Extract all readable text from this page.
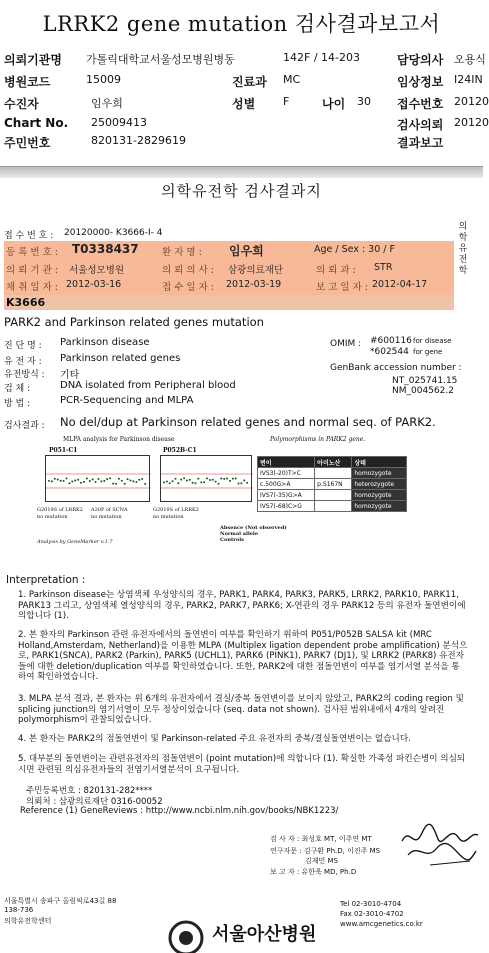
LRRK2 gene mutation 검사결과보고서
의뢰기관명 가톨릭대학교서울성모병원병동	142F / 14-203	담당의사 오용식
병원코드	15009	진료과 MC	임상정보 I24IN
수진자	임우희	성별	F	나이 30 접수번호 20120
Chart No. 25009413	검사의뢰 20120
주민번호	820131-2829619	결과보고
의학유전학 검사결과지
의
학
유
전
학
접 수 번 호 : 20120000- K3666-I- 4
등 록 번 호 : T0338437 환 자 명 : 임우희	Age / Sex : 30 / F
의 뢰 기 관 : 서울성모병원	의 뢰 의 사 : 삼광의료재단	의 뢰 과 : STR
채 취 일 자 : 2012-03-16	접 수 일 자 : 2012-03-19	보 고 일 자 : 2012-04-17
K3666
PARK2 and Parkinson related genes mutation
OMIM : #600116 for disease
*602544 for gene
GenBank accession number :
NT_025741.15
NM_004562.2
진 단 명 : Parkinson disease
유 전 자 : Parkinson related genes
유전방식 : 기타
검 체 :	DNA isolated from Peripheral blood
방 법 :	PCR-Sequencing and MLPA
검사결과 : No del/dup at Parkinson related genes and normal seq. of PARK2.
MLPA analysis for Parkinson disease	Polymorphisms in PARK2 gene.
P051-C1	P052B-C1
변이	아미노산	상태
IVS3(-20)T>C		homozygote
c.500G>A	p.S167N	heterozygote
IVS7(-35)G>A		homozygote
IVS7(-68)C>G		homozygote
G2019S of LRRK2
no mutation
A30P of SCNA
no mutation
G2019S of LRRK2
no mutation
Absence (Not observed)
Normal allele
Controls
Analysis by GeneMarker v.1.7
Interpretation :
1. Parkinson disease는 상염색체 우성양식의 경우, PARK1, PARK4, PARK3, PARK5, LRRK2, PARK10, PARK11, PARK13 그리고, 상염색체 열성양식의 경우, PARK2, PARK7, PARK6; X-연관의 경우 PARK12 등의 유전자 돌연변이에 의합니다 (1).
2. 본 환자의 Parkinson 관련 유전자에서의 돌연변이 여부를 확인하기 위하여 P051/P052B SALSA kit (MRC Holland,Amsterdam, Netherland)을 이용한 MLPA (Multiplex ligation dependent probe amplification) 분석으로, PARK1(SNCA), PARK2 (Parkin), PARK5 (UCHL1), PARK6 (PINK1), PARK7 (DJ1), 및 LRRK2 (PARK8) 유전자들에 대한 deletion/duplication 여부를 확인하였습니다. 또한, PARK2에 대한 점돌연변이 여부를 염기서열 분석을 통하여 확인하였습니다.
3. MLPA 분석 결과, 본 환자는 위 6개의 유전자에서 결실/중복 돌연변이를 보이지 않았고, PARK2의 coding region 및 splicing junction의 염기서열이 모두 정상이었습니다 (seq. data not shown). 검사된 범위내에서 4개의 알려진 polymorphism이 관찰되었습니다.
4. 본 환자는 PARK2의 점돌연변이 및 Parkinson-related 주요 유전자의 중복/결실돌연변이는 없습니다.
5. 대부분의 돌연변이는 관련유전자의 점돌연변이 (point mutation)에 의합니다 (1). 확실한 가족성 파킨슨병이 의심되시면 관련된 의심유전자들의 전염기서열분석이 요구됩니다.
주민등록번호 : 820131-282****
의뢰처 : 삼광의료재단 0316-00052
Reference (1) GeneReviews : http://www.ncbi.nlm.nih.gov/books/NBK1223/
검 사 자 : 최성호 MT, 이주연 MT
연구자문 : 김구환 Ph.D, 이진주 MS
김재민 MS
보 고 자 : 유한욱 MD, Ph.D
서울특별시 송파구 올림픽로43길 88
138-736
의학유전학센터
서울아산병원
Tel 02-3010-4704
Fax 02-3010-4702
www.amcgenetics.co.kr
